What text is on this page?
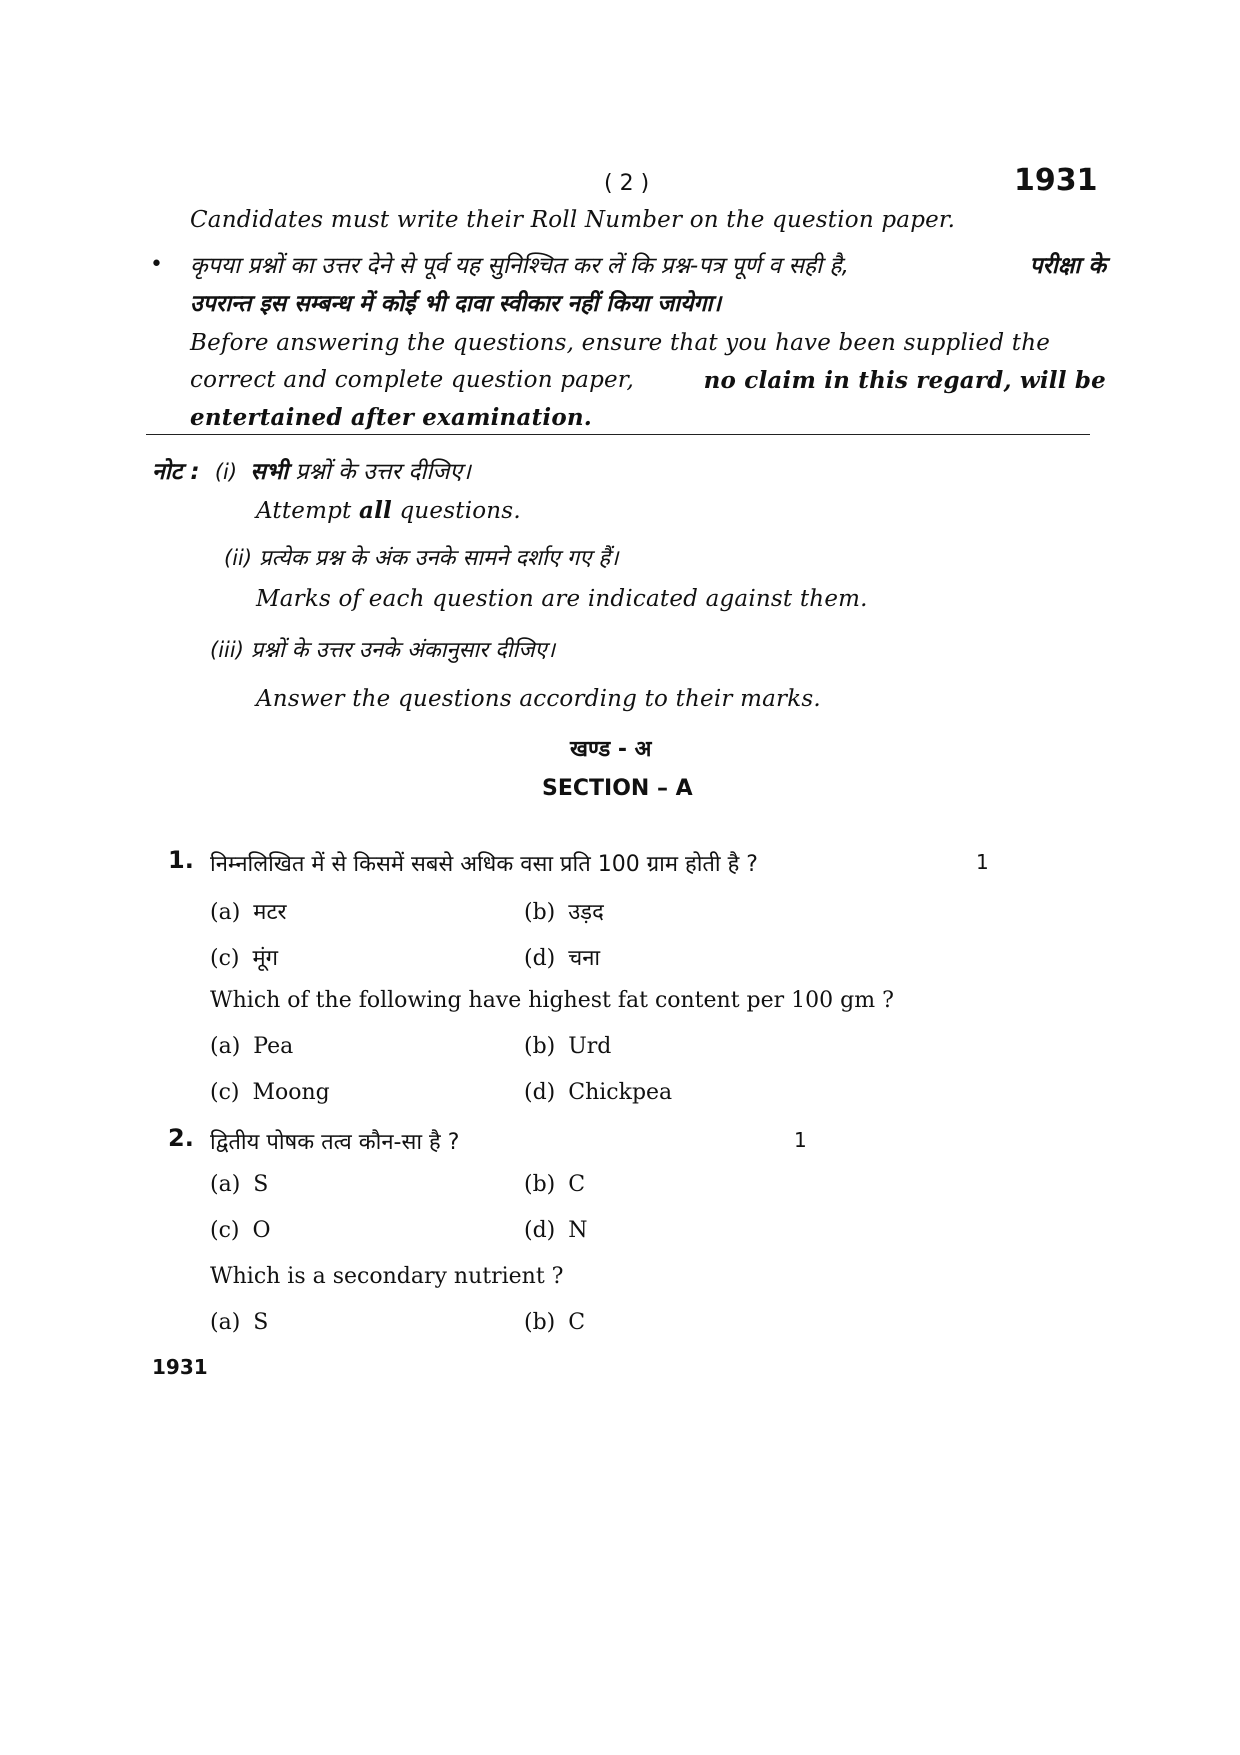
( 2 )	1931
Candidates must write their Roll Number on the question paper.
• कृपया प्रश्नों का उत्तर देने से पूर्व यह सुनिश्चित कर लें कि प्रश्न-पत्र पूर्ण व सही है,	परीक्षा के
उपरान्त इस सम्बन्ध में कोई भी दावा स्वीकार नहीं किया जायेगा।
Before answering the questions, ensure that you have been supplied the
correct and complete question paper,	no claim in this regard, will be
entertained after examination.
नोट : (i) सभी प्रश्नों के उत्तर दीजिए।
Attempt all questions.
(ii) प्रत्येक प्रश्न के अंक उनके सामने दर्शाए गए हैं।
Marks of each question are indicated against them.
(iii) प्रश्नों के उत्तर उनके अंकानुसार दीजिए।
Answer the questions according to their marks.
खण्ड - अ
SECTION – A
1. निम्नलिखित में से किसमें सबसे अधिक वसा प्रति 100 ग्राम होती है ?	1
(a) मटर	(b) उड़द
(c) मूंग	(d) चना
Which of the following have highest fat content per 100 gm ?
(a) Pea	(b) Urd
(c) Moong	(d) Chickpea
2. द्वितीय पोषक तत्व कौन-सा है ?	1
(a) S	(b) C
(c) O	(d) N
Which is a secondary nutrient ?
(a) S	(b) C
1931
